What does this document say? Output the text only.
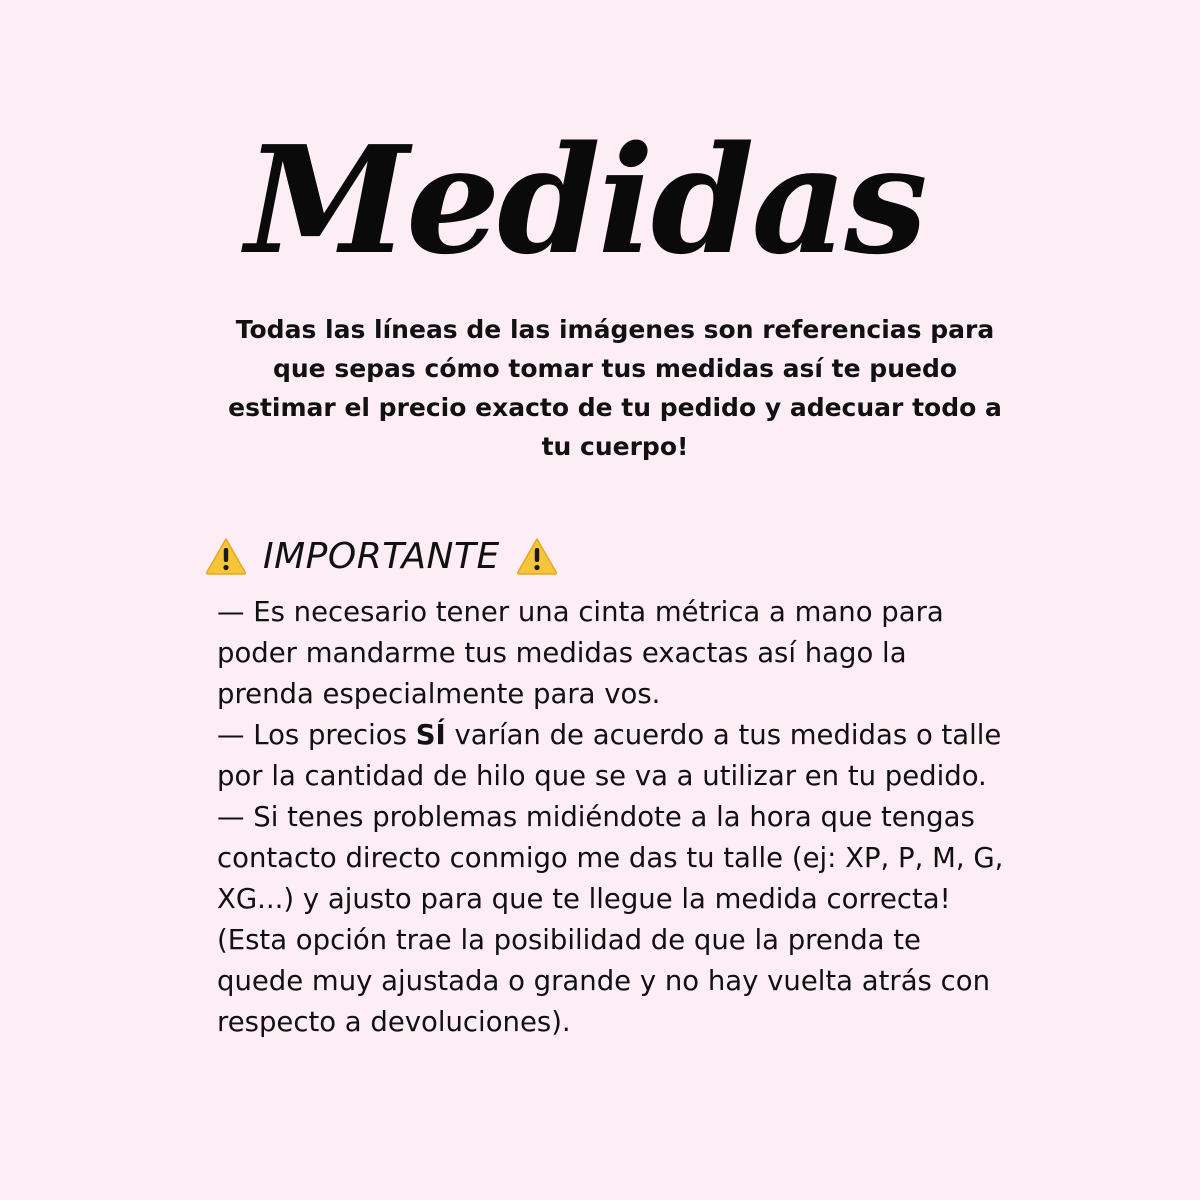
Medidas

Todas las líneas de las imágenes son referencias para que sepas cómo tomar tus medidas así te puedo estimar el precio exacto de tu pedido y adecuar todo a tu cuerpo!

IMPORTANTE

— Es necesario tener una cinta métrica a mano para poder mandarme tus medidas exactas así hago la prenda especialmente para vos.

— Los precios SÍ varían de acuerdo a tus medidas o talle por la cantidad de hilo que se va a utilizar en tu pedido.

— Si tenes problemas midiéndote a la hora que tengas contacto directo conmigo me das tu talle (ej: XP, P, M, G, XG...) y ajusto para que te llegue la medida correcta!

(Esta opción trae la posibilidad de que la prenda te quede muy ajustada o grande y no hay vuelta atrás con respecto a devoluciones).
